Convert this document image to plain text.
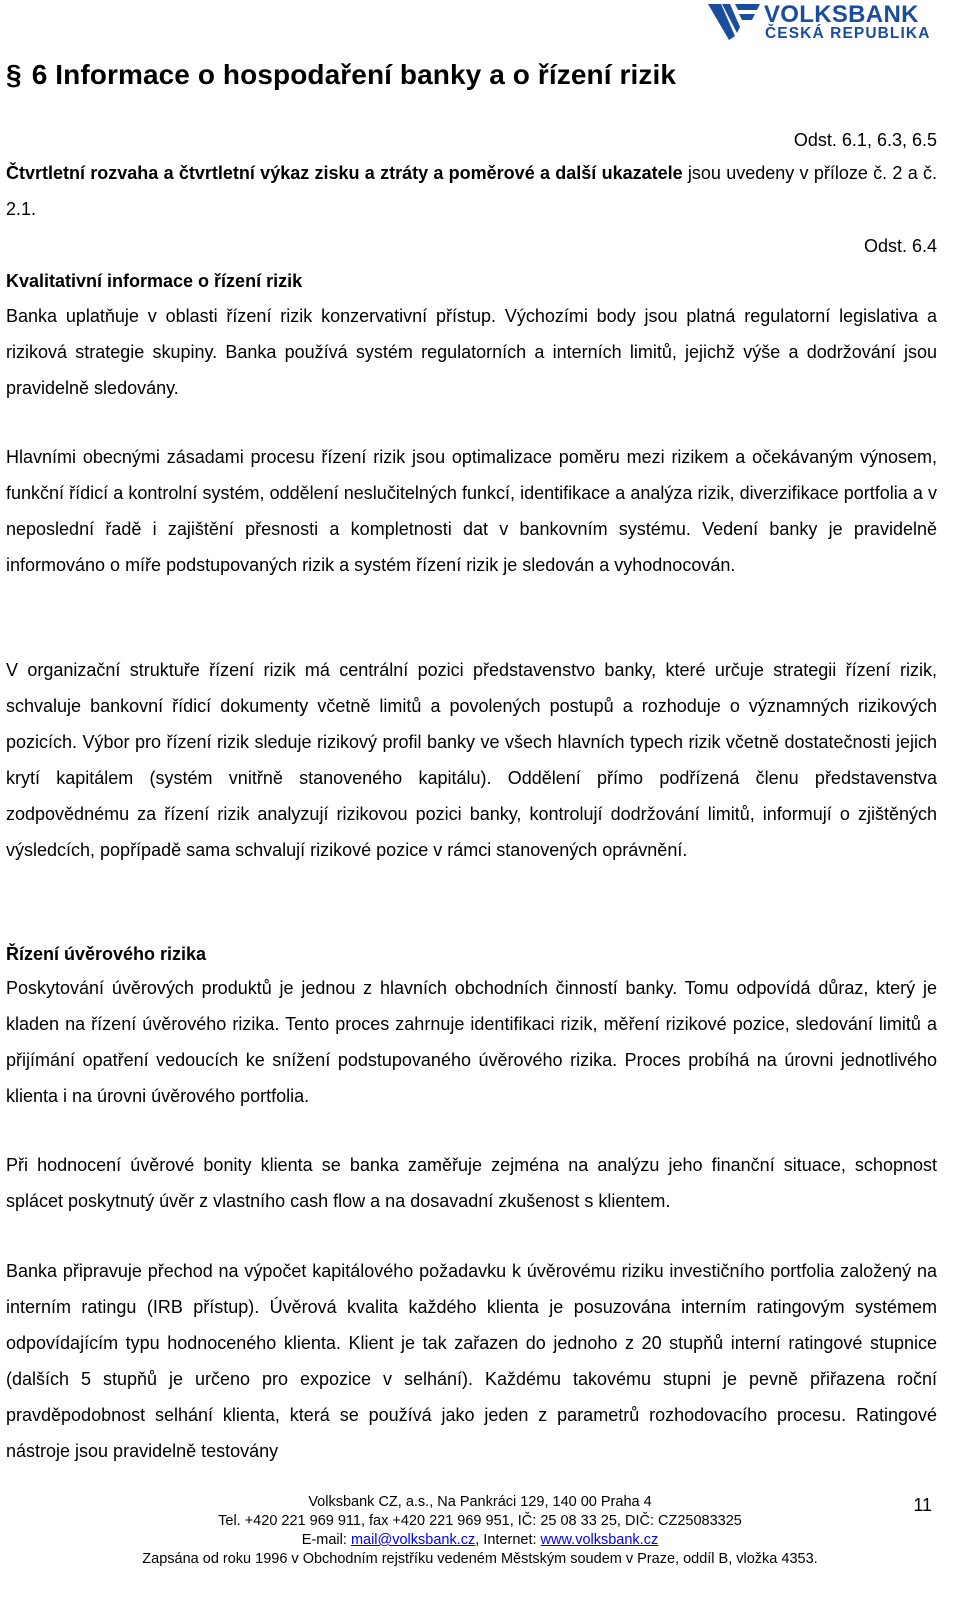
VOLKSBANK
ČESKÁ REPUBLIKA
§ 6 Informace o hospodaření banky a o řízení rizik
Odst. 6.1, 6.3, 6.5

Čtvrtletní rozvaha a čtvrtletní výkaz zisku a ztráty a poměrové a další ukazatele jsou uvedeny v příloze č. 2 a č. 2.1.

Odst. 6.4
Kvalitativní informace o řízení rizik

Banka uplatňuje v oblasti řízení rizik konzervativní přístup. Výchozími body jsou platná regulatorní legislativa a riziková strategie skupiny. Banka používá systém regulatorních a interních limitů, jejichž výše a dodržování jsou pravidelně sledovány.

Hlavními obecnými zásadami procesu řízení rizik jsou optimalizace poměru mezi rizikem a očekávaným výnosem, funkční řídicí a kontrolní systém, oddělení neslučitelných funkcí, identifikace a analýza rizik, diverzifikace portfolia a v neposlední řadě i zajištění přesnosti a kompletnosti dat v bankovním systému. Vedení banky je pravidelně informováno o míře podstupovaných rizik a systém řízení rizik je sledován a vyhodnocován.

V organizační struktuře řízení rizik má centrální pozici představenstvo banky, které určuje strategii řízení rizik, schvaluje bankovní řídicí dokumenty včetně limitů a povolených postupů a rozhoduje o významných rizikových pozicích. Výbor pro řízení rizik sleduje rizikový profil banky ve všech hlavních typech rizik včetně dostatečnosti jejich krytí kapitálem (systém vnitřně stanoveného kapitálu). Oddělení přímo podřízená členu představenstva zodpovědnému za řízení rizik analyzují rizikovou pozici banky, kontrolují dodržování limitů, informují o zjištěných výsledcích, popřípadě sama schvalují rizikové pozice v rámci stanovených oprávnění.

Řízení úvěrového rizika

Poskytování úvěrových produktů je jednou z hlavních obchodních činností banky. Tomu odpovídá důraz, který je kladen na řízení úvěrového rizika. Tento proces zahrnuje identifikaci rizik, měření rizikové pozice, sledování limitů a přijímání opatření vedoucích ke snížení podstupovaného úvěrového rizika. Proces probíhá na úrovni jednotlivého klienta i na úrovni úvěrového portfolia.

Při hodnocení úvěrové bonity klienta se banka zaměřuje zejména na analýzu jeho finanční situace, schopnost splácet poskytnutý úvěr z vlastního cash flow a na dosavadní zkušenost s klientem.

Banka připravuje přechod na výpočet kapitálového požadavku k úvěrovému riziku investičního portfolia založený na interním ratingu (IRB přístup). Úvěrová kvalita každého klienta je posuzována interním ratingovým systémem odpovídajícím typu hodnoceného klienta. Klient je tak zařazen do jednoho z 20 stupňů interní ratingové stupnice (dalších 5 stupňů je určeno pro expozice v selhání). Každému takovému stupni je pevně přiřazena roční pravděpodobnost selhání klienta, která se používá jako jeden z parametrů rozhodovacího procesu. Ratingové nástroje jsou pravidelně testovány

Volksbank CZ, a.s., Na Pankráci 129, 140 00 Praha 4
Tel. +420 221 969 911, fax +420 221 969 951, IČ: 25 08 33 25, DIČ: CZ25083325
E-mail: mail@volksbank.cz, Internet: www.volksbank.cz
Zapsána od roku 1996 v Obchodním rejstříku vedeném Městským soudem v Praze, oddíl B, vložka 4353.
11
